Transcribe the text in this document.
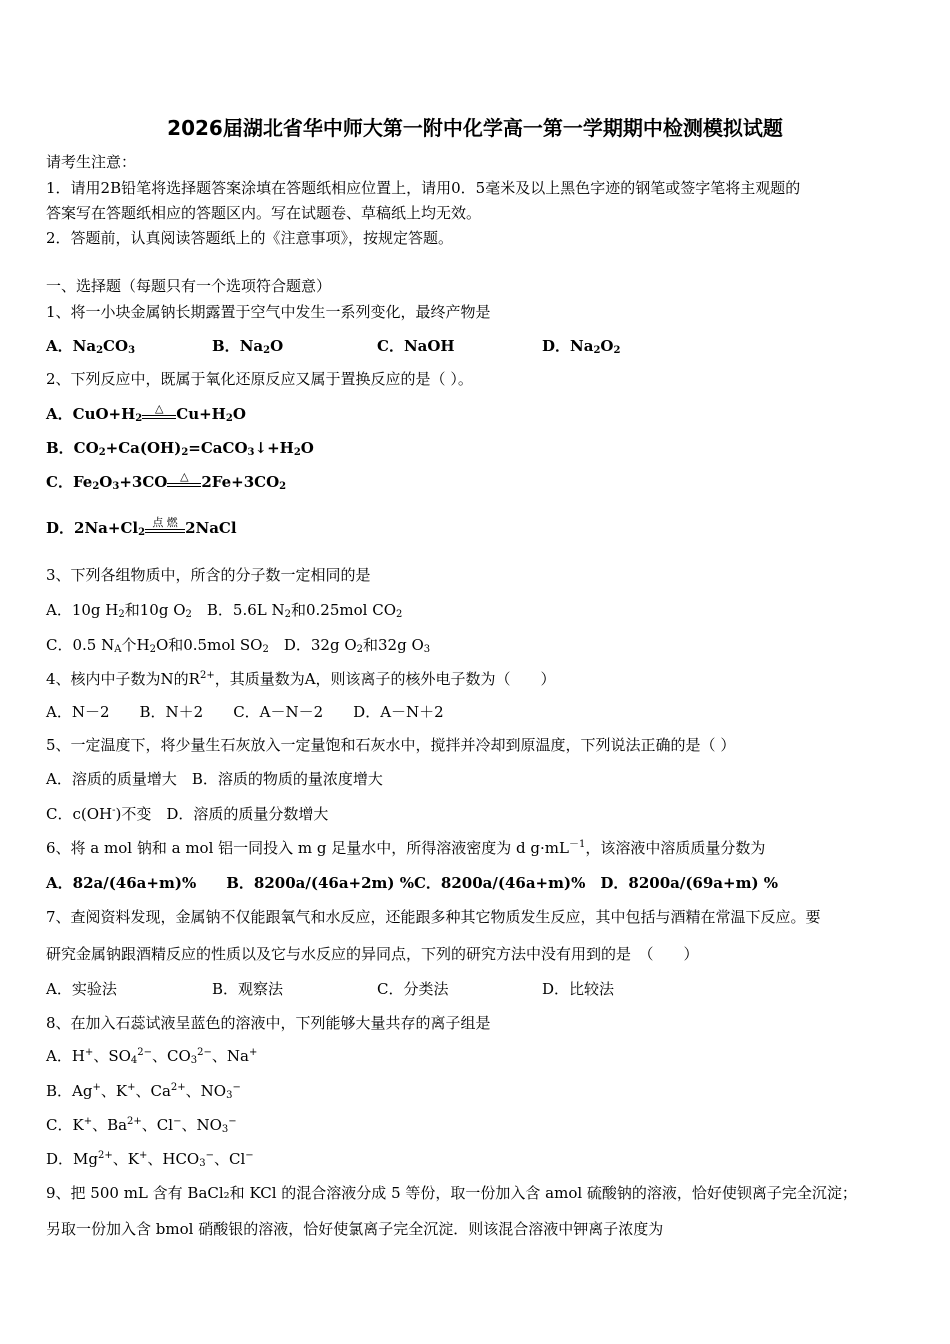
2026届湖北省华中师大第一附中化学高一第一学期期中检测模拟试题
请考生注意：
1．请用2B铅笔将选择题答案涂填在答题纸相应位置上，请用0．5毫米及以上黑色字迹的钢笔或签字笔将主观题的
答案写在答题纸相应的答题区内。写在试题卷、草稿纸上均无效。
2．答题前，认真阅读答题纸上的《注意事项》，按规定答题。
一、选择题（每题只有一个选项符合题意）
1、将一小块金属钠长期露置于空气中发生一系列变化，最终产物是
A．$Na_2CO_3$	B．$Na_2O$	C．NaOH	D．$Na_2O_2$
2、下列反应中，既属于氧化还原反应又属于置换反应的是（ ）。
A．$CuO+H_2$
△ $Cu+H_2O$
B．$CO_2+Ca(OH)_2=CaCO_3↓+H_2O$
C．$Fe_2O_3+3CO$	△ $2Fe+3CO_2$
D．$2Na+Cl_2$
点 燃 2NaCl
3、下列各组物质中，所含的分子数一定相同的是
A．10g $H_2$和10g $O_2$　B．5.6L $N_2$和0.25mol $CO_2$
C．0.5 $N_A$个$H_2O$和0.5mol $SO_2$　D．32g $O_2$和32g $O_3$
4、核内中子数为N的$R^{2+}$，其质量数为A，则该离子的核外电子数为（　　）
A．N－2　　B．N＋2　　C．A－N－2　　D．A－N＋2
5、一定温度下，将少量生石灰放入一定量饱和石灰水中，搅拌并冷却到原温度，下列说法正确的是（ ）
A．溶质的质量增大　 B．溶质的物质的量浓度增大
C．c(OH-)不变　 D．溶质的质量分数增大
6、将 a mol 钠和 a mol 铝一同投入 m g 足量水中，所得溶液密度为 d $g\cdot mL^{-1}$，该溶液中溶质质量分数为
A．82a/(46a+m)%　　 B．8200a/(46a+2m) %C．8200a/(46a+m)%　 D．8200a/(69a+m) %
7、查阅资料发现，金属钠不仅能跟氧气和水反应，还能跟多种其它物质发生反应，其中包括与酒精在常温下反应。要
研究金属钠跟酒精反应的性质以及它与水反应的异同点，下列的研究方法中没有用到的是　（　　）
A．实验法	B．观察法	C．分类法	D．比较法
8、在加入石蕊试液呈蓝色的溶液中，下列能够大量共存的离子组是
A．H+、$SO_4^{2-}$、$CO_3^{2-}$、Na+
B．Ag+、K+、$Ca^{2+}$、$NO_3^-$
C．K+、$Ba^{2+}$、Cl−、$NO_3^-$
D．$Mg^{2+}$、K+、$HCO_3^-$、Cl−
9、把 500 mL 含有 BaCl₂和 KCl 的混合溶液分成 5 等份，取一份加入含 amol 硫酸钠的溶液，恰好使钡离子完全沉淀；
另取一份加入含 bmol 硝酸银的溶液，恰好使氯离子完全沉淀．则该混合溶液中钾离子浓度为
